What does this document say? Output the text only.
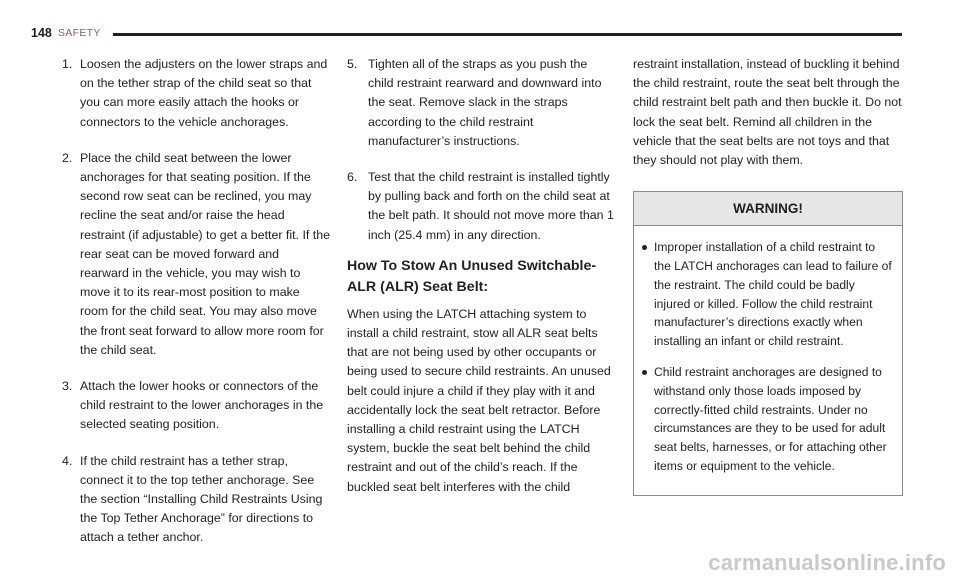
148 SAFETY
1. Loosen the adjusters on the lower straps and on the tether strap of the child seat so that you can more easily attach the hooks or connectors to the vehicle anchorages.
2. Place the child seat between the lower anchorages for that seating position. If the second row seat can be reclined, you may recline the seat and/or raise the head restraint (if adjustable) to get a better fit. If the rear seat can be moved forward and rearward in the vehicle, you may wish to move it to its rear-most position to make room for the child seat. You may also move the front seat forward to allow more room for the child seat.
3. Attach the lower hooks or connectors of the child restraint to the lower anchorages in the selected seating position.
4. If the child restraint has a tether strap, connect it to the top tether anchorage. See the section “Installing Child Restraints Using the Top Tether Anchorage” for directions to attach a tether anchor.
5. Tighten all of the straps as you push the child restraint rearward and downward into the seat. Remove slack in the straps according to the child restraint manufacturer’s instructions.
6. Test that the child restraint is installed tightly by pulling back and forth on the child seat at the belt path. It should not move more than 1 inch (25.4 mm) in any direction.
How To Stow An Unused Switchable-ALR (ALR) Seat Belt:

When using the LATCH attaching system to install a child restraint, stow all ALR seat belts that are not being used by other occupants or being used to secure child restraints. An unused belt could injure a child if they play with it and accidentally lock the seat belt retractor. Before installing a child restraint using the LATCH system, buckle the seat belt behind the child restraint and out of the child’s reach. If the buckled seat belt interferes with the child

restraint installation, instead of buckling it behind the child restraint, route the seat belt through the child restraint belt path and then buckle it. Do not lock the seat belt. Remind all children in the vehicle that the seat belts are not toys and that they should not play with them.

WARNING!
Improper installation of a child restraint to the LATCH anchorages can lead to failure of the restraint. The child could be badly injured or killed. Follow the child restraint manufacturer’s directions exactly when installing an infant or child restraint.
Child restraint anchorages are designed to withstand only those loads imposed by correctly-fitted child restraints. Under no circumstances are they to be used for adult seat belts, harnesses, or for attaching other items or equipment to the vehicle.
carmanualsonline.info
